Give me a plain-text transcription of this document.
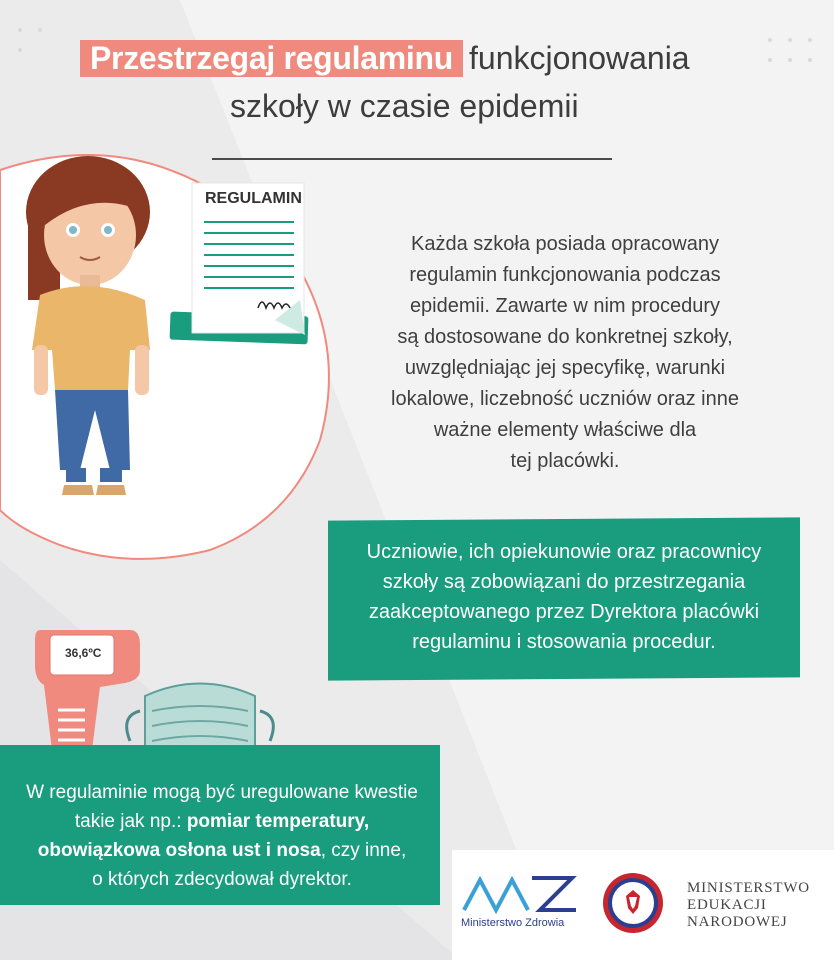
Przestrzegaj regulaminu funkcjonowania
szkoły w czasie epidemii
REGULAMIN
Każda szkoła posiada opracowany
regulamin funkcjonowania podczas
epidemii. Zawarte w nim procedury
są dostosowane do konkretnej szkoły,
uwzględniając jej specyfikę, warunki
lokalowe, liczebność uczniów oraz inne
ważne elementy właściwe dla
tej placówki.
Uczniowie, ich opiekunowie oraz pracownicy
szkoły są zobowiązani do przestrzegania
zaakceptowanego przez Dyrektora placówki
regulaminu i stosowania procedur.
36,6ºC
W regulaminie mogą być uregulowane kwestie
takie jak np.: pomiar temperatury,
obowiązkowa osłona ust i nosa, czy inne,
o których zdecydował dyrektor.
Ministerstwo Zdrowia
MINISTERSTWO
EDUKACJI
NARODOWEJ
